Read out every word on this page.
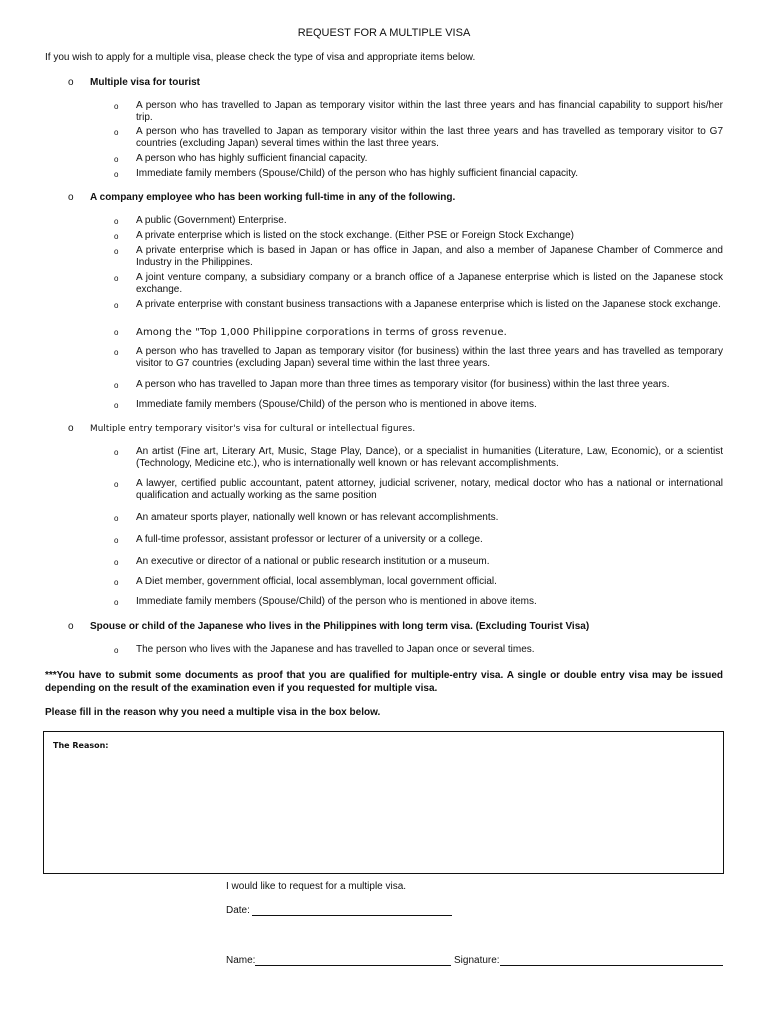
REQUEST FOR A MULTIPLE VISA
If you wish to apply for a multiple visa, please check the type of visa and appropriate items below.
o Multiple visa for tourist
o A person who has travelled to Japan as temporary visitor within the last three years and has financial capability to support his/her trip.
o A person who has travelled to Japan as temporary visitor within the last three years and has travelled as temporary visitor to G7 countries (excluding Japan) several times within the last three years.
o A person who has highly sufficient financial capacity.
o Immediate family members (Spouse/Child) of the person who has highly sufficient financial capacity.
o A company employee who has been working full-time in any of the following.
o A public (Government) Enterprise.
o A private enterprise which is listed on the stock exchange. (Either PSE or Foreign Stock Exchange)
o A private enterprise which is based in Japan or has office in Japan, and also a member of Japanese Chamber of Commerce and Industry in the Philippines.
o A joint venture company, a subsidiary company or a branch office of a Japanese enterprise which is listed on the Japanese stock exchange.
o A private enterprise with constant business transactions with a Japanese enterprise which is listed on the Japanese stock exchange.
o Among the "Top 1,000 Philippine corporations in terms of gross revenue.
o A person who has travelled to Japan as temporary visitor (for business) within the last three years and has travelled as temporary visitor to G7 countries (excluding Japan) several time within the last three years.
o A person who has travelled to Japan more than three times as temporary visitor (for business) within the last three years.
o Immediate family members (Spouse/Child) of the person who is mentioned in above items.
o Multiple entry temporary visitor's visa for cultural or intellectual figures.
o An artist (Fine art, Literary Art, Music, Stage Play, Dance), or a specialist in humanities (Literature, Law, Economic), or a scientist (Technology, Medicine etc.), who is internationally well known or has relevant accomplishments.
o A lawyer, certified public accountant, patent attorney, judicial scrivener, notary, medical doctor who has a national or international qualification and actually working as the same position
o An amateur sports player, nationally well known or has relevant accomplishments.
o A full-time professor, assistant professor or lecturer of a university or a college.
o An executive or director of a national or public research institution or a museum.
o A Diet member, government official, local assemblyman, local government official.
o Immediate family members (Spouse/Child) of the person who is mentioned in above items.
o Spouse or child of the Japanese who lives in the Philippines with long term visa. (Excluding Tourist Visa)
o The person who lives with the Japanese and has travelled to Japan once or several times.
***You have to submit some documents as proof that you are qualified for multiple-entry visa. A single or double entry visa may be issued depending on the result of the examination even if you requested for multiple visa.
Please fill in the reason why you need a multiple visa in the box below.
The Reason:
I would like to request for a multiple visa.
Date:
Name:	Signature:
